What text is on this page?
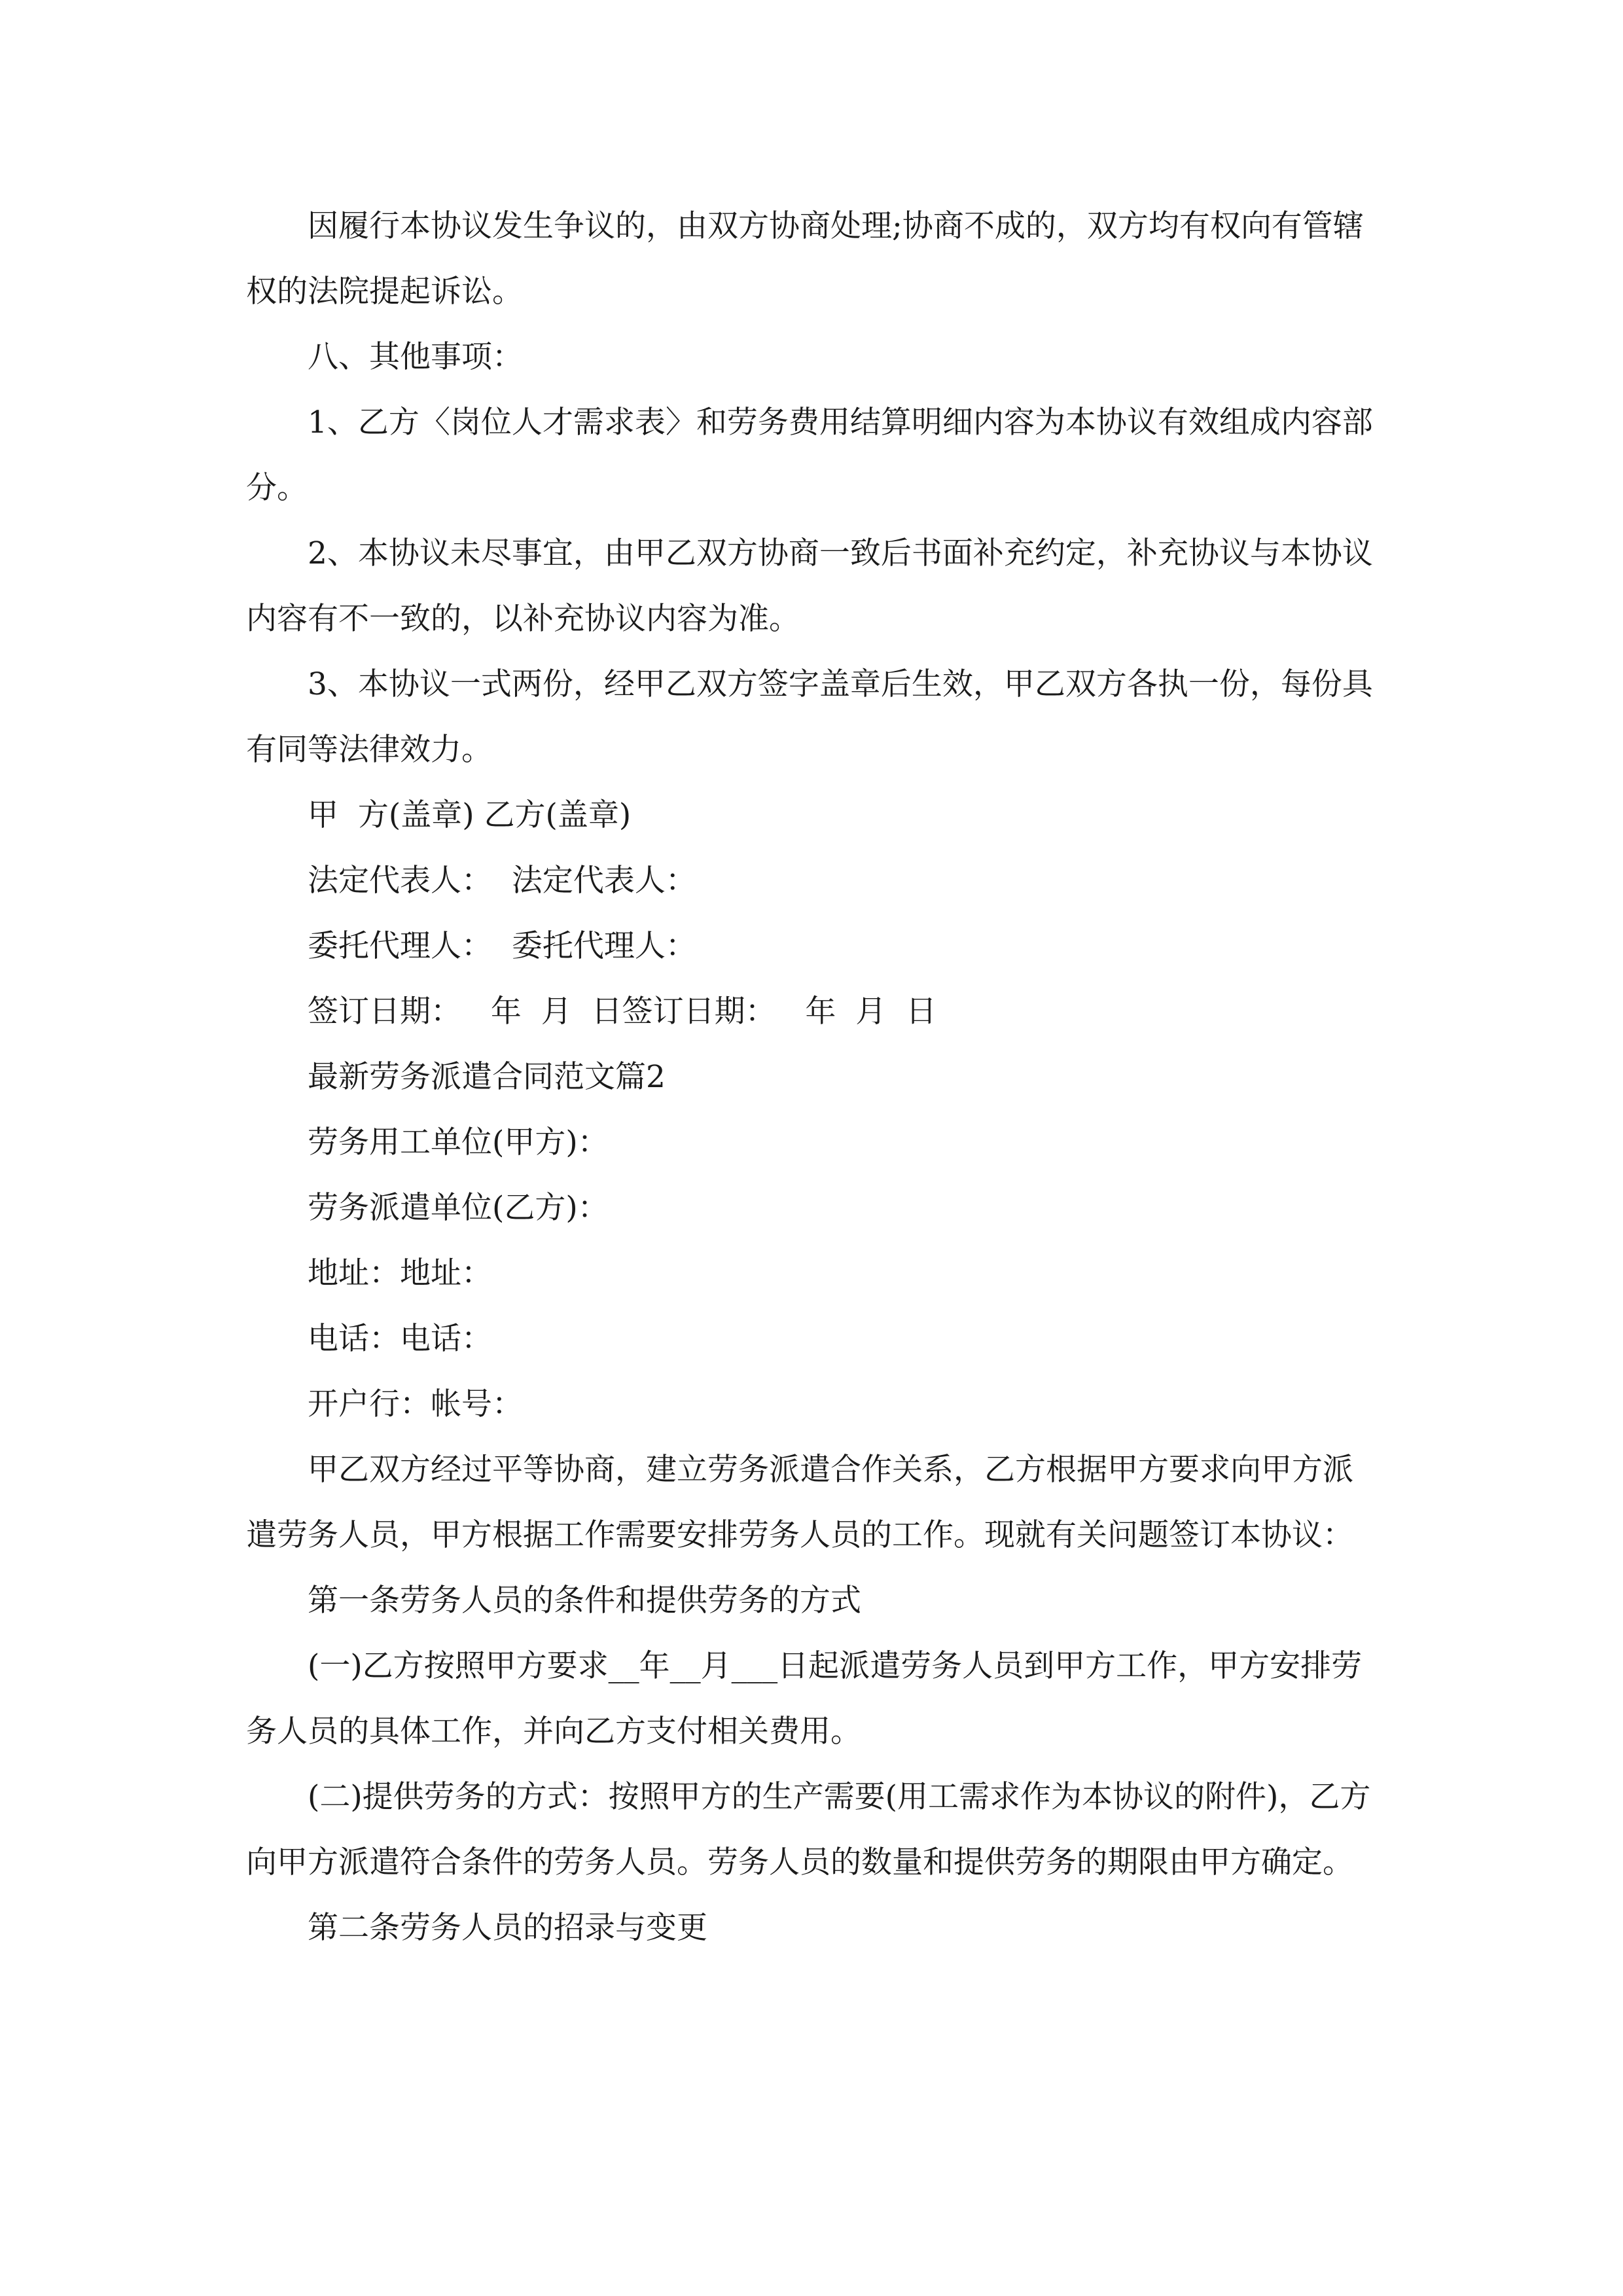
因履行本协议发生争议的，由双方协商处理;协商不成的，双方均有权向有管辖权的法院提起诉讼。

八、其他事项：

1、乙方〈岗位人才需求表〉和劳务费用结算明细内容为本协议有效组成内容部分。

2、本协议未尽事宜，由甲乙双方协商一致后书面补充约定，补充协议与本协议内容有不一致的，以补充协议内容为准。

3、本协议一式两份，经甲乙双方签字盖章后生效，甲乙双方各执一份，每份具有同等法律效力。

甲  方(盖章) 乙方(盖章)

法定代表人：  法定代表人：

委托代理人：  委托代理人：

签订日期：   年  月  日签订日期：   年  月  日

最新劳务派遣合同范文篇2

劳务用工单位(甲方)：

劳务派遣单位(乙方)：

地址：地址：

电话：电话：

开户行：帐号：

甲乙双方经过平等协商，建立劳务派遣合作关系，乙方根据甲方要求向甲方派遣劳务人员，甲方根据工作需要安排劳务人员的工作。现就有关问题签订本协议：

第一条劳务人员的条件和提供劳务的方式

(一)乙方按照甲方要求__年__月___日起派遣劳务人员到甲方工作，甲方安排劳务人员的具体工作，并向乙方支付相关费用。

(二)提供劳务的方式：按照甲方的生产需要(用工需求作为本协议的附件)，乙方向甲方派遣符合条件的劳务人员。劳务人员的数量和提供劳务的期限由甲方确定。

第二条劳务人员的招录与变更
